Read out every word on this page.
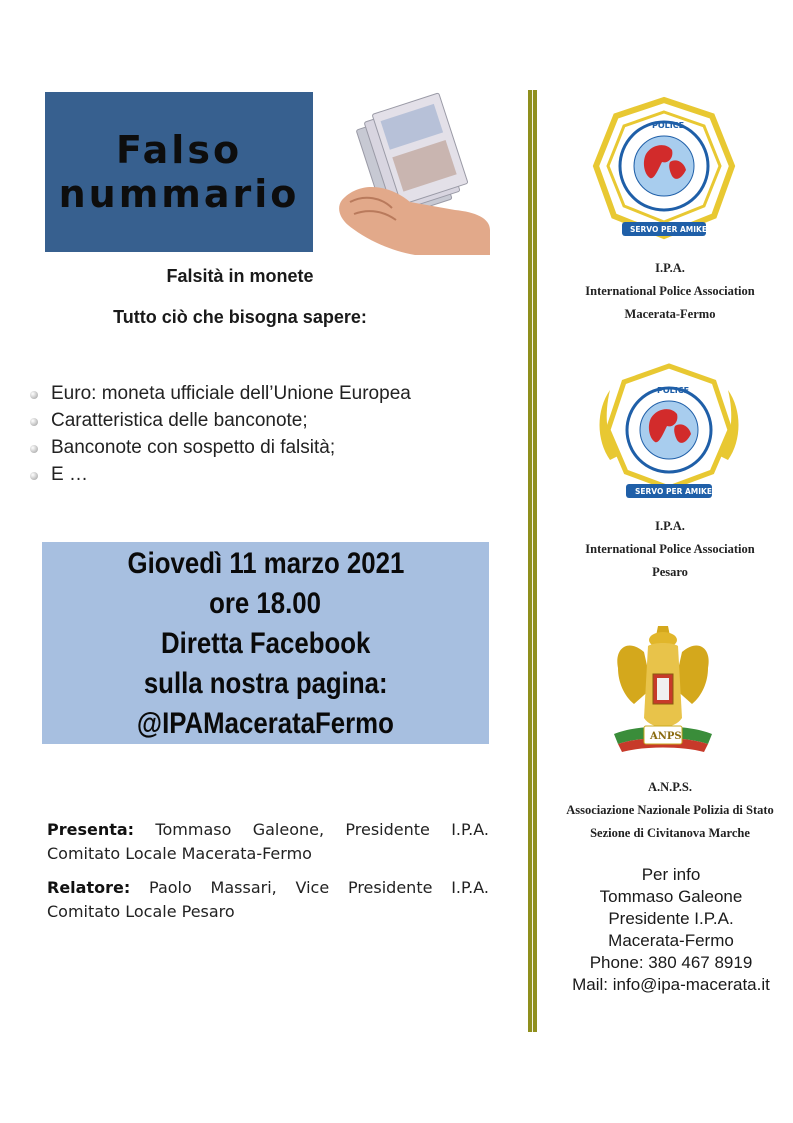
Falso
nummario
Falsità in monete
Tutto ciò che bisogna sapere:
Euro: moneta ufficiale dell’Unione Europea
Caratteristica delle banconote;
Banconote con sospetto di falsità;
E …
Giovedì 11 marzo 2021
ore 18.00
Diretta Facebook
sulla nostra pagina:
@IPAMacerataFermo
Presenta: Tommaso Galeone, Presidente I.P.A. Comitato Locale Macerata-Fermo
Relatore: Paolo Massari, Vice Presidente I.P.A. Comitato Locale Pesaro
POLICE
SERVO PER AMIKECO
I.P.A.
International Police Association
Macerata-Fermo
POLICE
SERVO PER AMIKECO
I.P.A.
International Police Association
Pesaro
ANPS
A.N.P.S.
Associazione Nazionale Polizia di Stato
Sezione di Civitanova Marche
Per info
Tommaso Galeone
Presidente I.P.A.
Macerata-Fermo
Phone: 380 467 8919
Mail: info@ipa-macerata.it
